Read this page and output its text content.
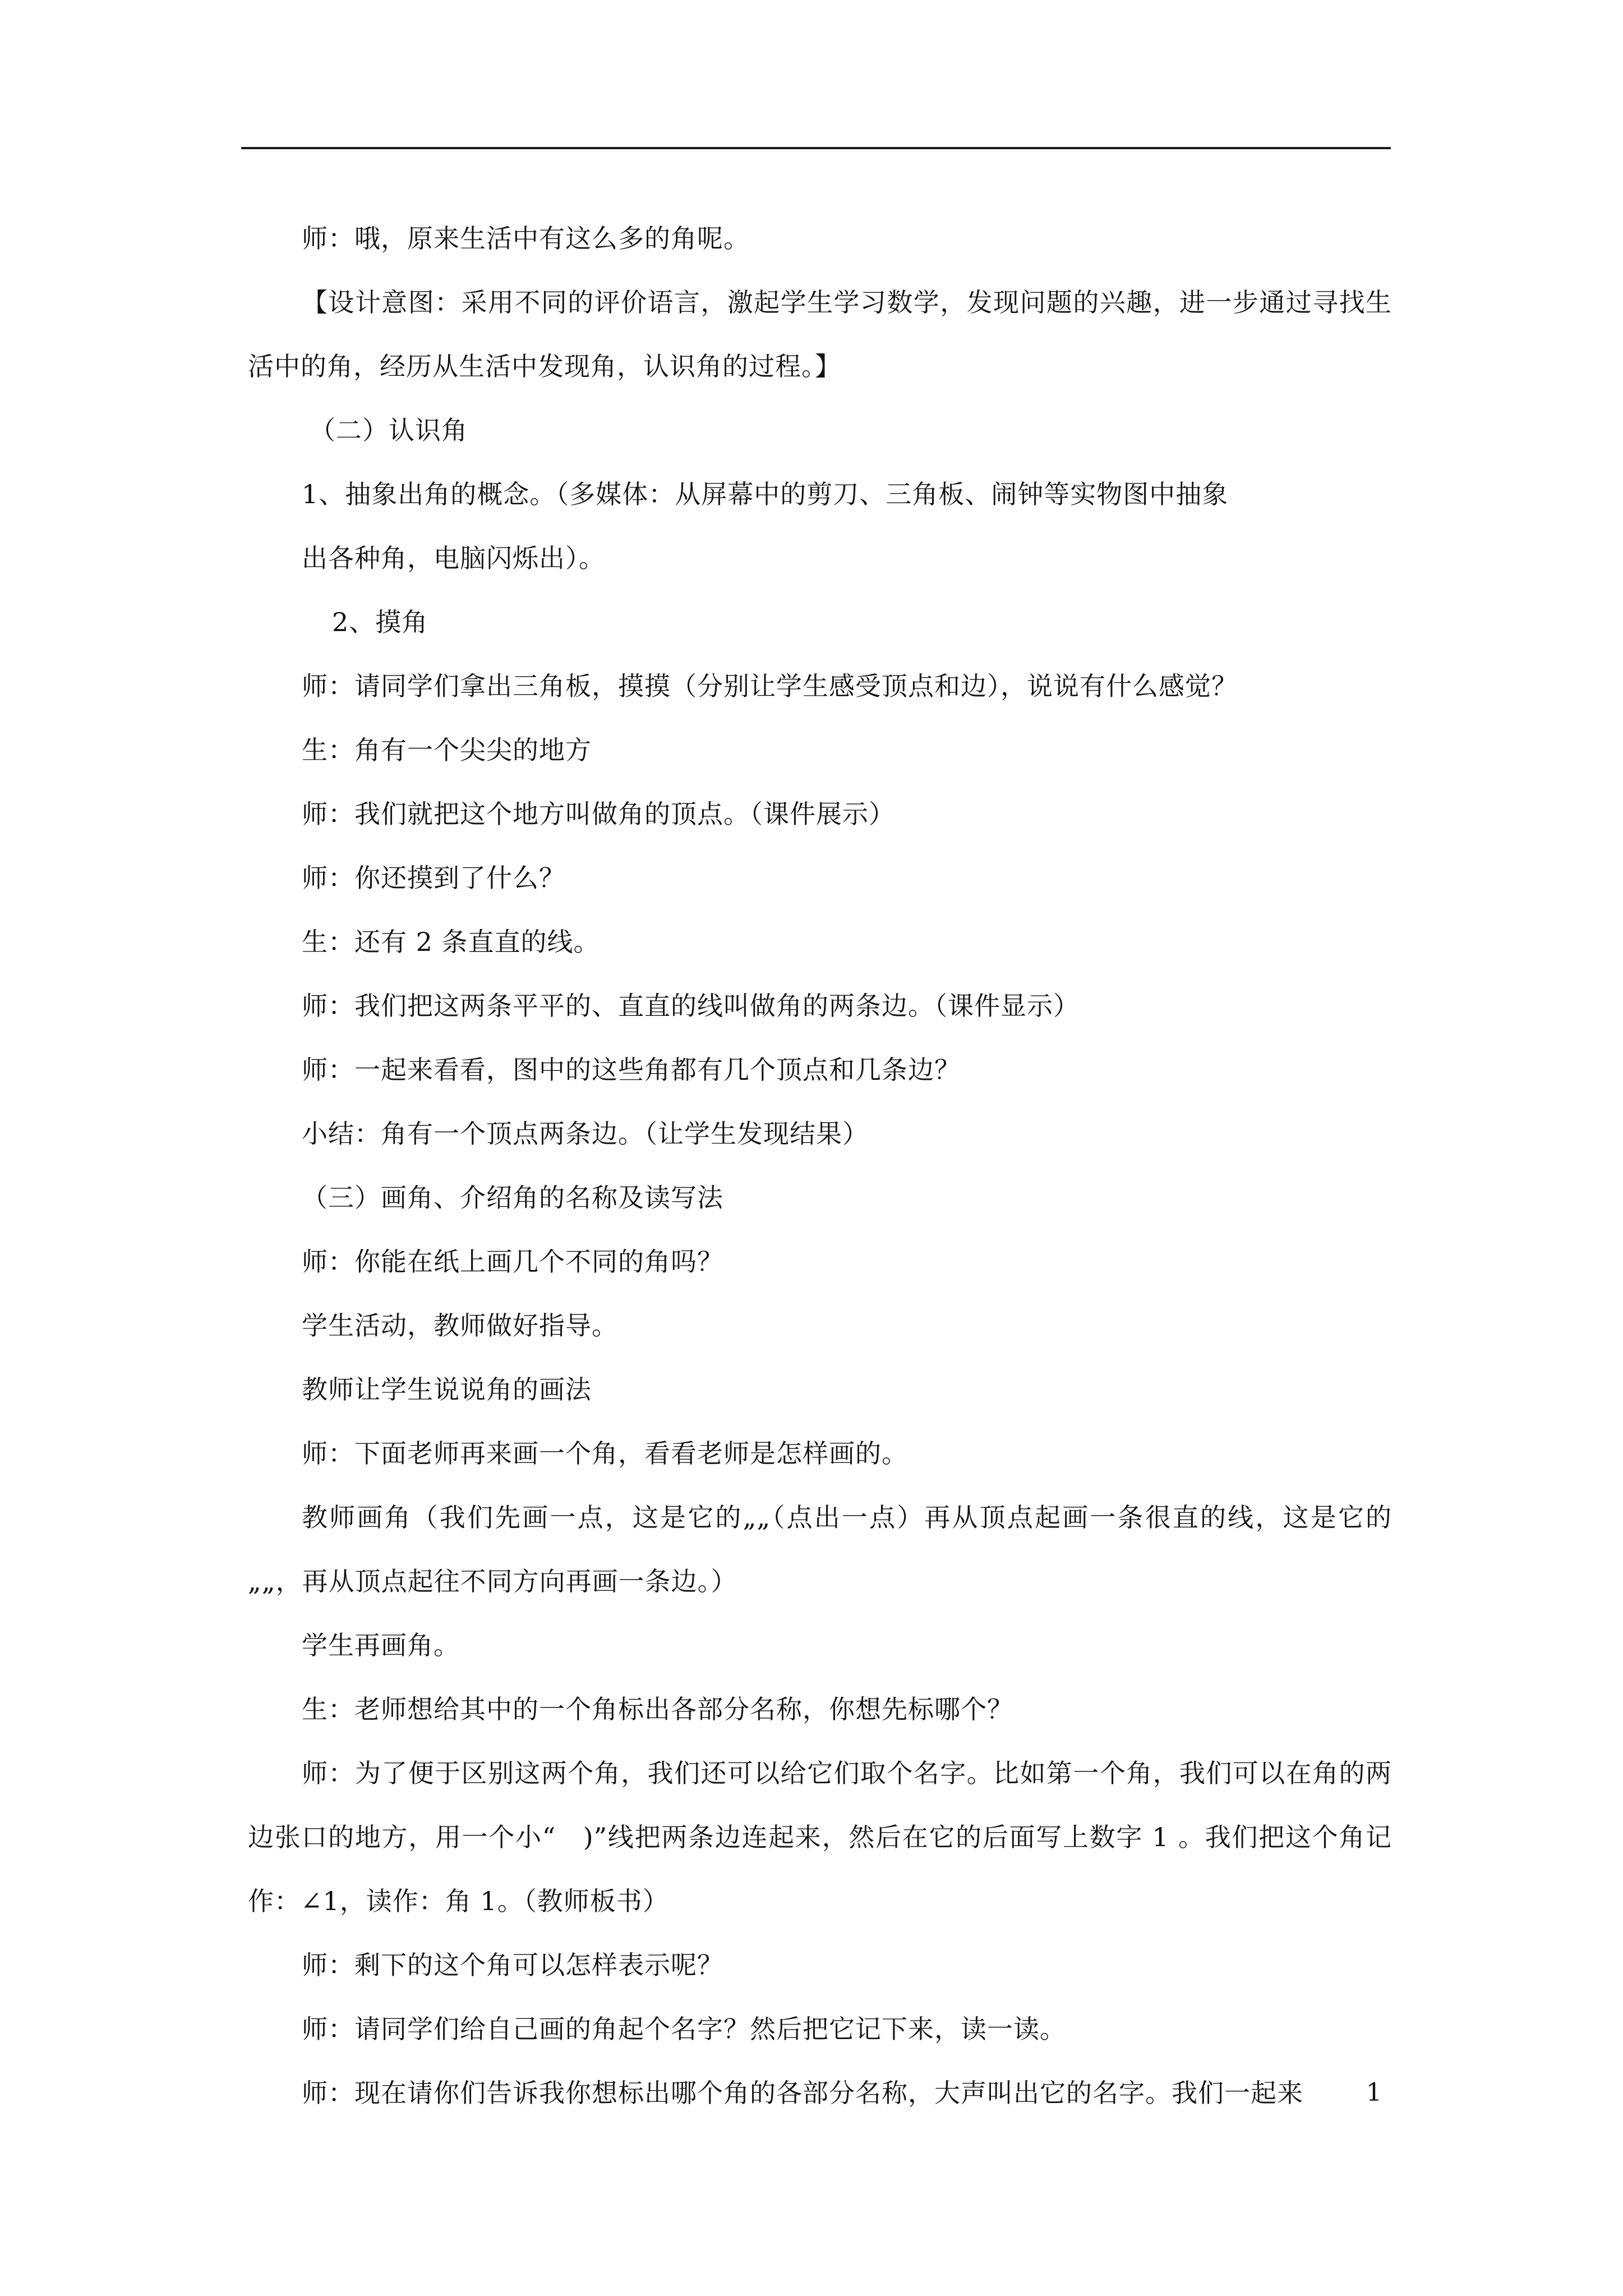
师：哦，原来生活中有这么多的角呢。

【设计意图：采用不同的评价语言，激起学生学习数学，发现问题的兴趣，进一步通过寻找生活中的角，经历从生活中发现角，认识角的过程。】

（二）认识角

1、抽象出角的概念。（多媒体：从屏幕中的剪刀、三角板、闹钟等实物图中抽象

出各种角，电脑闪烁出）。

2、摸角

师：请同学们拿出三角板，摸摸（分别让学生感受顶点和边），说说有什么感觉？

生：角有一个尖尖的地方

师：我们就把这个地方叫做角的顶点。（课件展示）

师：你还摸到了什么？

生：还有 2 条直直的线。

师：我们把这两条平平的、直直的线叫做角的两条边。（课件显示）

师：一起来看看，图中的这些角都有几个顶点和几条边？

小结：角有一个顶点两条边。（让学生发现结果）

（三）画角、介绍角的名称及读写法

师：你能在纸上画几个不同的角吗？

学生活动，教师做好指导。

教师让学生说说角的画法

师：下面老师再来画一个角，看看老师是怎样画的。

教师画角（我们先画一点，这是它的„„（点出一点）再从顶点起画一条很直的线，这是它的„„，再从顶点起往不同方向再画一条边。）

学生再画角。

生：老师想给其中的一个角标出各部分名称，你想先标哪个？

师：为了便于区别这两个角，我们还可以给它们取个名字。比如第一个角，我们可以在角的两边张口的地方，用一个小“　)”线把两条边连起来，然后在它的后面写上数字 1 。我们把这个角记作：∠1，读作：角 1。（教师板书）

师：剩下的这个角可以怎样表示呢？

师：请同学们给自己画的角起个名字？然后把它记下来，读一读。

师：现在请你们告诉我你想标出哪个角的各部分名称，大声叫出它的名字。我们一起来	1
